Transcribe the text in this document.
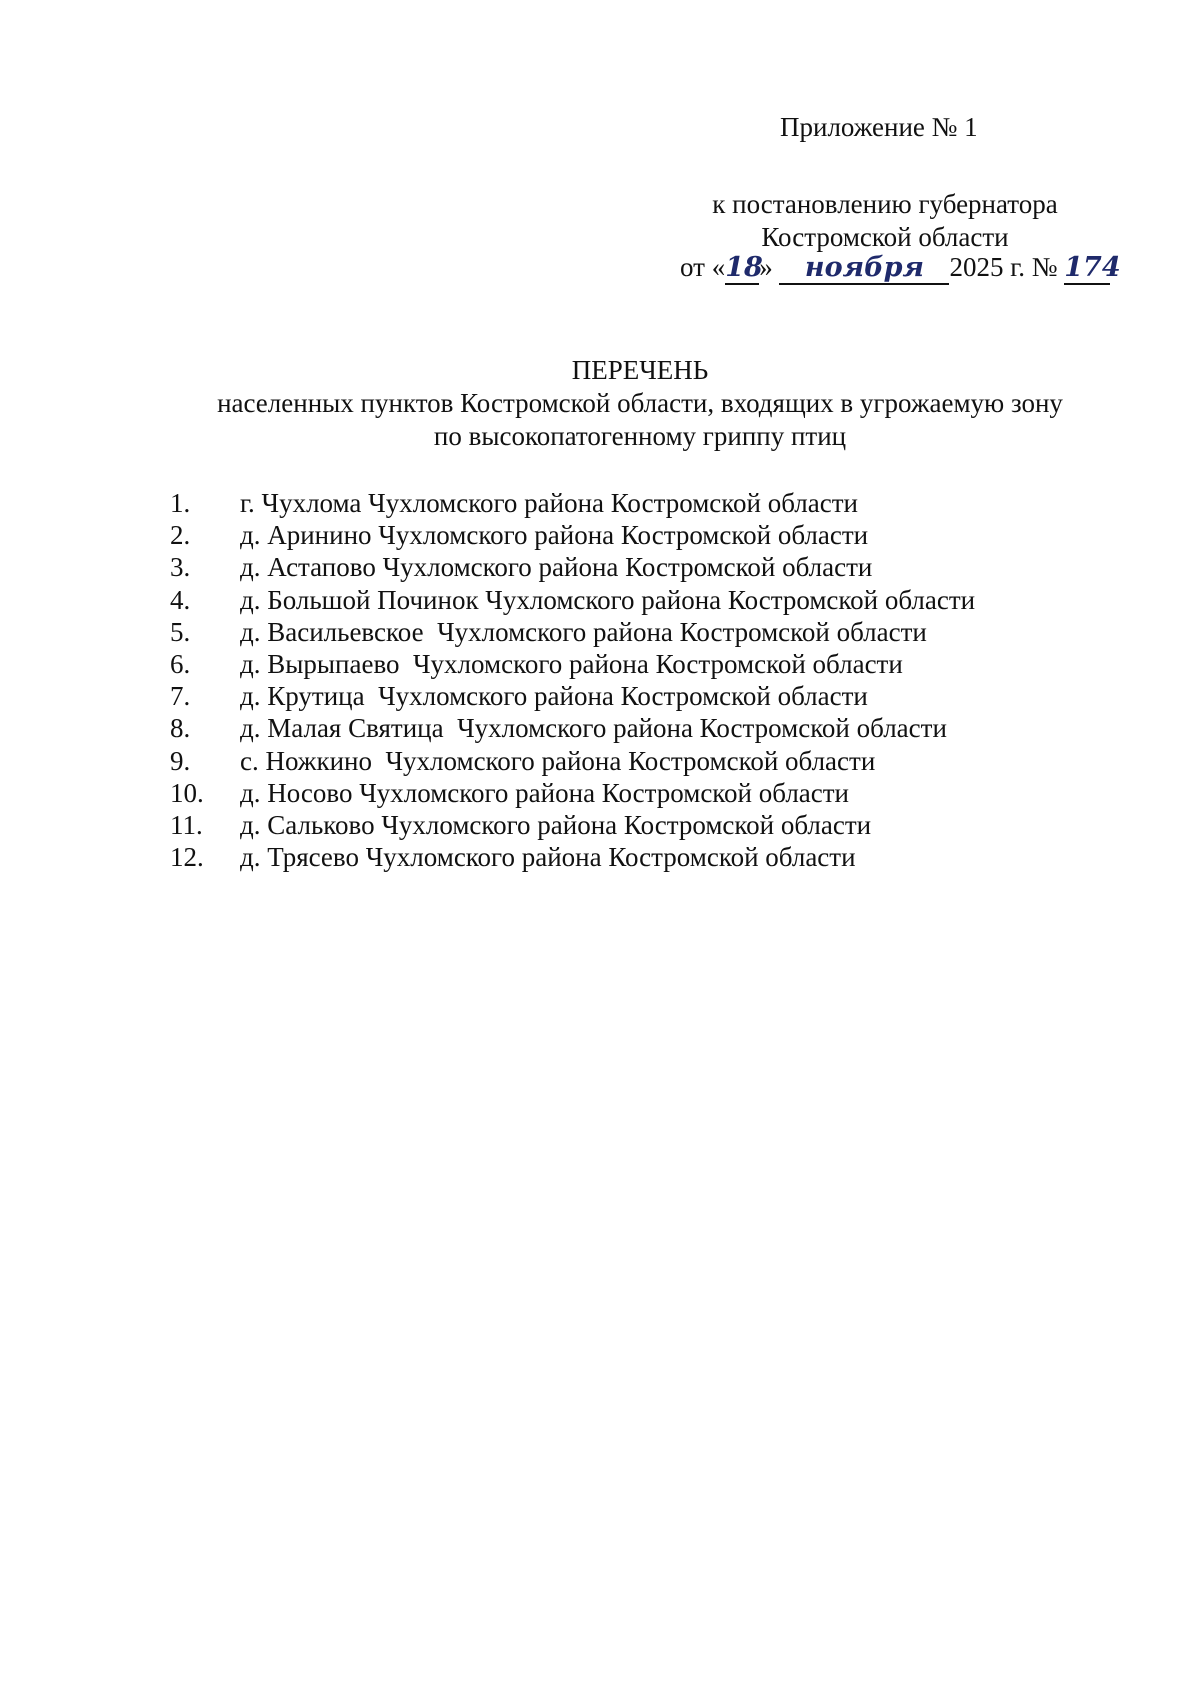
Приложение № 1
к постановлению губернатора
Костромской области
от «18» ноября 2025 г. № 174
ПЕРЕЧЕНЬ
населенных пунктов Костромской области, входящих в угрожаемую зону
по высокопатогенному гриппу птиц
1.	г. Чухлома Чухломского района Костромской области
2.	д. Аринино Чухломского района Костромской области
3.	д. Астапово Чухломского района Костромской области
4.	д. Большой Починок Чухломского района Костромской области
5.	д. Васильевское  Чухломского района Костромской области
6.	д. Вырыпаево  Чухломского района Костромской области
7.	д. Крутица  Чухломского района Костромской области
8.	д. Малая Святица  Чухломского района Костромской области
9.	с. Ножкино  Чухломского района Костромской области
10.	д. Носово Чухломского района Костромской области
11.	д. Сальково Чухломского района Костромской области
12.	д. Трясево Чухломского района Костромской области
